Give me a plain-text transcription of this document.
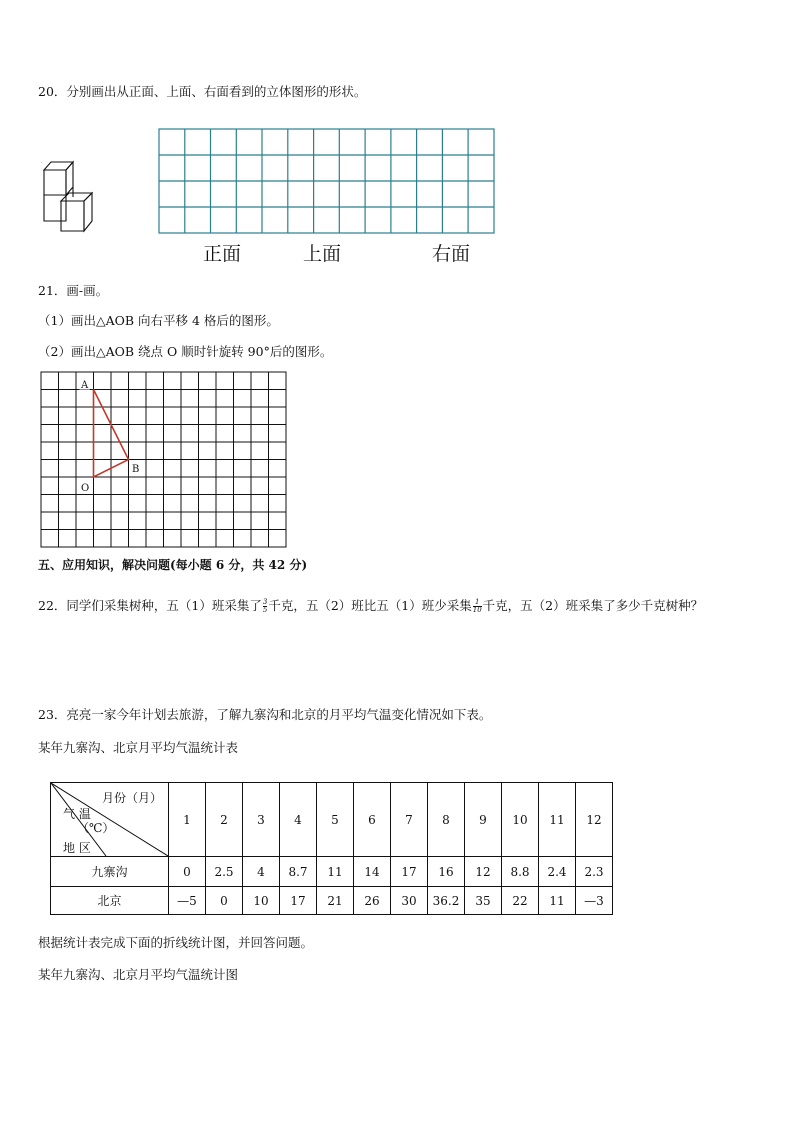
20．分别画出从正面、上面、右面看到的立体图形的形状。
·
正面	上面	右面
21．画-画。
（1）画出△AOB 向右平移 4 格后的图形。
（2）画出△AOB 绕点 O 顺时针旋转 90°后的图形。
A
B
O
五、应用知识，解决问题(每小题 6 分，共 42 分)
22．同学们采集树种，五（1）班采集了 $\frac{3}{5}$ 千克，五（2）班比五（1）班少采集 $\frac{1}{10}$ 千克，五（2）班采集了多少千克树种？
23．亮亮一家今年计划去旅游，了解九寨沟和北京的月平均气温变化情况如下表。
某年九寨沟、北京月平均气温统计表
月份（月）
气 温
（℃）
地 区	1	2	3	4	5	6	7	8	9	10	11	12
九寨沟	0	2.5	4	8.7	11	14	17	16	12	8.8	2.4	2.3
北京	—5	0	10	17	21	26	30	36.2	35	22	11	—3
根据统计表完成下面的折线统计图，并回答问题。
某年九寨沟、北京月平均气温统计图
